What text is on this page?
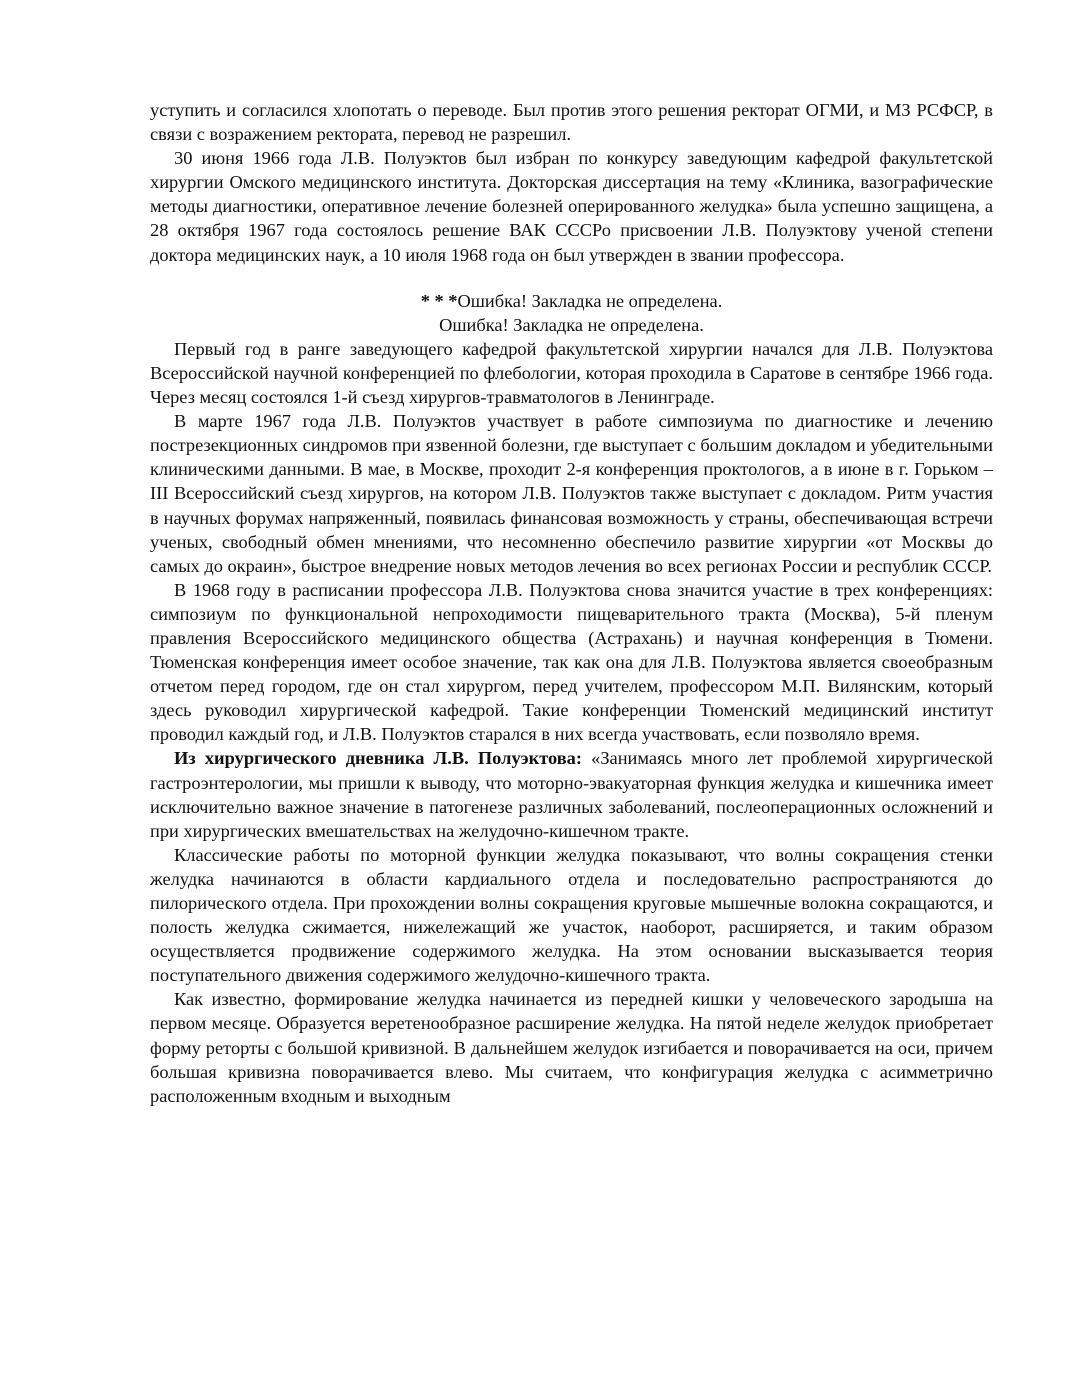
уступить и согласился хлопотать о переводе. Был против этого решения ректорат ОГМИ, и МЗ РСФСР, в связи с возражением ректората, перевод не разрешил.

30 июня 1966 года Л.В. Полуэктов был избран по конкурсу заведующим кафедрой факультетской хирургии Омского медицинского института. Докторская диссертация на тему «Клиника, вазографические методы диагностики, оперативное лечение болезней оперированного желудка» была успешно защищена, а 28 октября 1967 года состоялось решение ВАК СССРо присвоении Л.В. Полуэктову ученой степени доктора медицинских наук, а 10 июля 1968 года он был утвержден в звании профессора.

* * *Ошибка! Закладка не определена.

Ошибка! Закладка не определена.

Первый год в ранге заведующего кафедрой факультетской хирургии начался для Л.В. Полуэктова Всероссийской научной конференцией по флебологии, которая проходила в Саратове в сентябре 1966 года. Через месяц состоялся 1-й съезд хирургов-травматологов в Ленинграде.

В марте 1967 года Л.В. Полуэктов участвует в работе симпозиума по диагностике и лечению пострезекционных синдромов при язвенной болезни, где выступает с большим докладом и убедительными клиническими данными. В мае, в Москве, проходит 2-я конференция проктологов, а в июне в г. Горьком – III Всероссийский съезд хирургов, на котором Л.В. Полуэктов также выступает с докладом. Ритм участия в научных форумах напряженный, появилась финансовая возможность у страны, обеспечивающая встречи ученых, свободный обмен мнениями, что несомненно обеспечило развитие хирургии «от Москвы до самых до окраин», быстрое внедрение новых методов лечения во всех регионах России и республик СССР.

В 1968 году в расписании профессора Л.В. Полуэктова снова значится участие в трех конференциях: симпозиум по функциональной непроходимости пищеварительного тракта (Москва), 5-й пленум правления Всероссийского медицинского общества (Астрахань) и научная конференция в Тюмени. Тюменская конференция имеет особое значение, так как она для Л.В. Полуэктова является своеобразным отчетом перед городом, где он стал хирургом, перед учителем, профессором М.П. Вилянским, который здесь руководил хирургической кафедрой. Такие конференции Тюменский медицинский институт проводил каждый год, и Л.В. Полуэктов старался в них всегда участвовать, если позволяло время.

Из хирургического дневника Л.В. Полуэктова: «Занимаясь много лет проблемой хирургической гастроэнтерологии, мы пришли к выводу, что моторно-эвакуаторная функция желудка и кишечника имеет исключительно важное значение в патогенезе различных заболеваний, послеоперационных осложнений и при хирургических вмешательствах на желудочно-кишечном тракте.

Классические работы по моторной функции желудка показывают, что волны сокращения стенки желудка начинаются в области кардиального отдела и последовательно распространяются до пилорического отдела. При прохождении волны сокращения круговые мышечные волокна сокращаются, и полость желудка сжимается, нижележащий же участок, наоборот, расширяется, и таким образом осуществляется продвижение содержимого желудка. На этом основании высказывается теория поступательного движения содержимого желудочно-кишечного тракта.

Как известно, формирование желудка начинается из передней кишки у человеческого зародыша на первом месяце. Образуется веретенообразное расширение желудка. На пятой неделе желудок приобретает форму реторты с большой кривизной. В дальнейшем желудок изгибается и поворачивается на оси, причем большая кривизна поворачивается влево. Мы считаем, что конфигурация желудка с асимметрично расположенным входным и выходным
